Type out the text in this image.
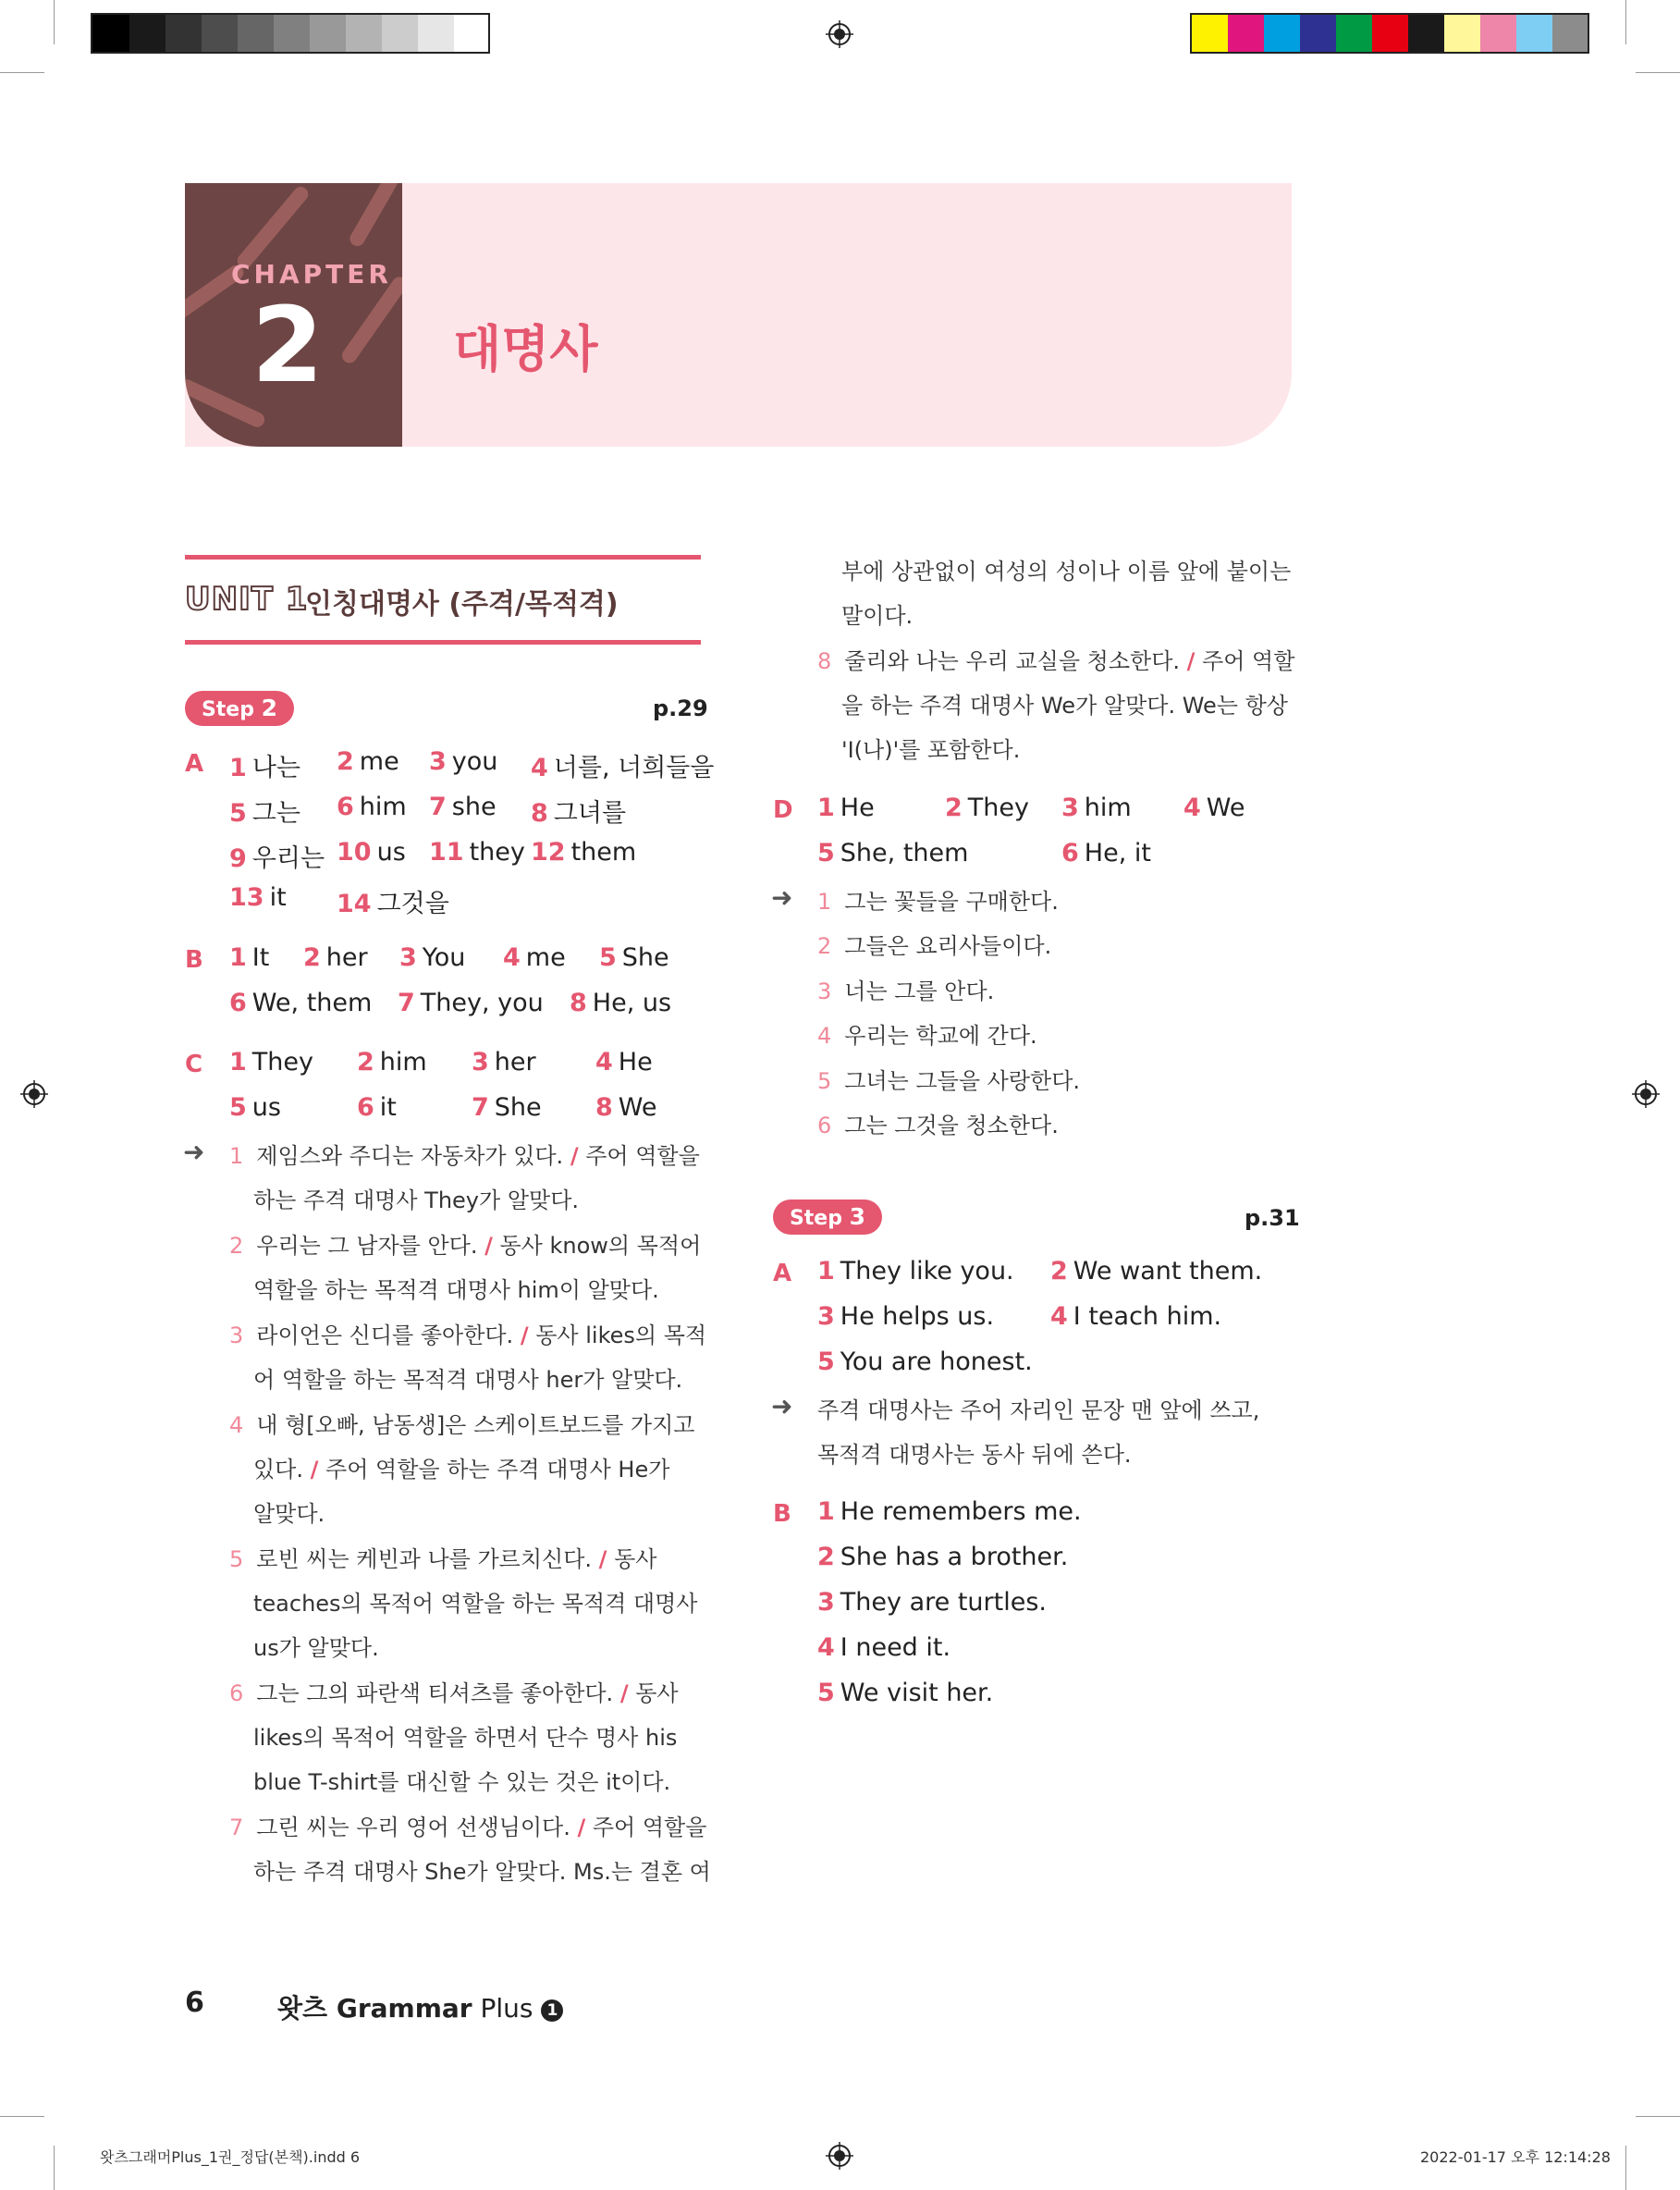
CHAPTER
2	대명사
UNIT 1
인칭대명사 (주격/목적격)
Step 2	p.29
A 1 나는 2 me 3 you 4 너를, 너희들을
5 그는 6 him 7 she 8 그녀를
9 우리는 10 us 11 they 12 them
13 it 14 그것을
B 1 It 2 her 3 You 4 me 5 She
6 We, them 7 They, you 8 He, us
C 1 They 2 him 3 her 4 He
5 us	6 it	7 She 8 We
➜ 1 제임스와 주디는 자동차가 있다. / 주어 역할을
하는 주격 대명사 They가 알맞다.
2 우리는 그 남자를 안다. / 동사 know의 목적어
역할을 하는 목적격 대명사 him이 알맞다.
3 라이언은 신디를 좋아한다. / 동사 likes의 목적
어 역할을 하는 목적격 대명사 her가 알맞다.
4 내 형[오빠, 남동생]은 스케이트보드를 가지고
있다. / 주어 역할을 하는 주격 대명사 He가
알맞다.
5 로빈 씨는 케빈과 나를 가르치신다. / 동사
teaches의 목적어 역할을 하는 목적격 대명사
us가 알맞다.
6 그는 그의 파란색 티셔츠를 좋아한다. / 동사
likes의 목적어 역할을 하면서 단수 명사 his
blue T-shirt를 대신할 수 있는 것은 it이다.
7 그린 씨는 우리 영어 선생님이다. / 주어 역할을
하는 주격 대명사 She가 알맞다. Ms.는 결혼 여
부에 상관없이 여성의 성이나 이름 앞에 붙이는
말이다.
8 줄리와 나는 우리 교실을 청소한다. / 주어 역할
을 하는 주격 대명사 We가 알맞다. We는 항상
'I(나)'를 포함한다.
D 1 He	2 They 3 him 4 We
5 She, them	6 He, it
➜ 1 그는 꽃들을 구매한다.
2 그들은 요리사들이다.
3 너는 그를 안다.
4 우리는 학교에 간다.
5 그녀는 그들을 사랑한다.
6 그는 그것을 청소한다.
Step 3	p.31
A 1 They like you. 2 We want them.
3 He helps us. 4 I teach him.
5 You are honest.
➜ 주격 대명사는 주어 자리인 문장 맨 앞에 쓰고,
목적격 대명사는 동사 뒤에 쓴다.
B 1 He remembers me.
2 She has a brother.
3 They are turtles.
4 I need it.
5 We visit her.
6	왓츠 Grammar Plus 1
왓츠그래머Plus_1권_정답(본책).indd 6	2022-01-17 오후 12:14:28
